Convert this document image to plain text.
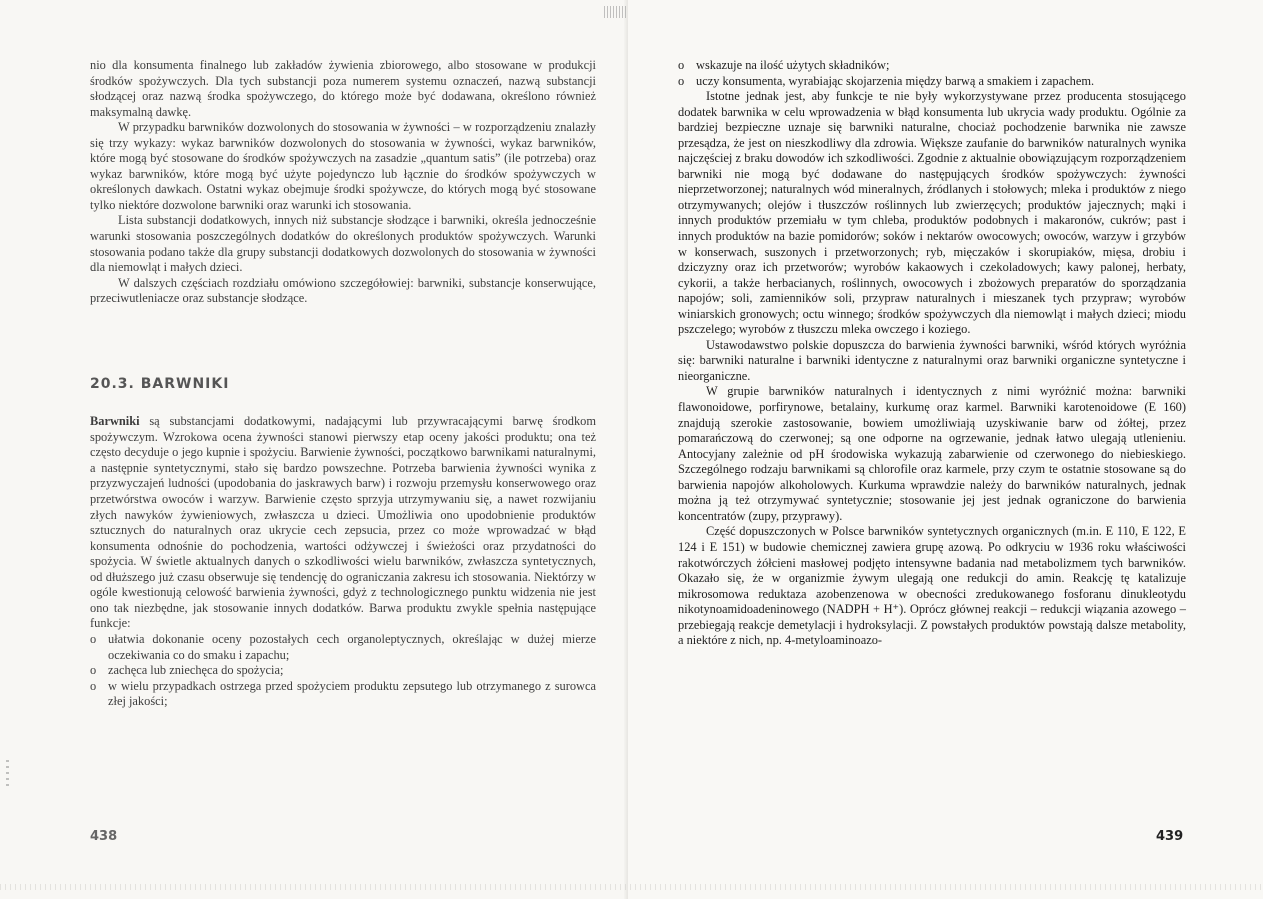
nio dla konsumenta finalnego lub zakładów żywienia zbiorowego, albo stosowane w produkcji środków spożywczych. Dla tych substancji poza numerem systemu oznaczeń, nazwą substancji słodzącej oraz nazwą środka spożywczego, do którego może być dodawana, określono również maksymalną dawkę.

W przypadku barwników dozwolonych do stosowania w żywności – w rozporządzeniu znalazły się trzy wykazy: wykaz barwników dozwolonych do stosowania w żywności, wykaz barwników, które mogą być stosowane do środków spożywczych na zasadzie „quantum satis” (ile potrzeba) oraz wykaz barwników, które mogą być użyte pojedynczo lub łącznie do środków spożywczych w określonych dawkach. Ostatni wykaz obejmuje środki spożywcze, do których mogą być stosowane tylko niektóre dozwolone barwniki oraz warunki ich stosowania.

Lista substancji dodatkowych, innych niż substancje słodzące i barwniki, określa jednocześnie warunki stosowania poszczególnych dodatków do określonych produktów spożywczych. Warunki stosowania podano także dla grupy substancji dodatkowych dozwolonych do stosowania w żywności dla niemowląt i małych dzieci.

W dalszych częściach rozdziału omówiono szczegółowiej: barwniki, substancje konserwujące, przeciwutleniacze oraz substancje słodzące.

20.3. BARWNIKI

Barwniki są substancjami dodatkowymi, nadającymi lub przywracającymi barwę środkom spożywczym. Wzrokowa ocena żywności stanowi pierwszy etap oceny jakości produktu; ona też często decyduje o jego kupnie i spożyciu. Barwienie żywności, początkowo barwnikami naturalnymi, a następnie syntetycznymi, stało się bardzo powszechne. Potrzeba barwienia żywności wynika z przyzwyczajeń ludności (upodobania do jaskrawych barw) i rozwoju przemysłu konserwowego oraz przetwórstwa owoców i warzyw. Barwienie często sprzyja utrzymywaniu się, a nawet rozwijaniu złych nawyków żywieniowych, zwłaszcza u dzieci. Umożliwia ono upodobnienie produktów sztucznych do naturalnych oraz ukrycie cech zepsucia, przez co może wprowadzać w błąd konsumenta odnośnie do pochodzenia, wartości odżywczej i świeżości oraz przydatności do spożycia. W świetle aktualnych danych o szkodliwości wielu barwników, zwłaszcza syntetycznych, od dłuższego już czasu obserwuje się tendencję do ograniczania zakresu ich stosowania. Niektórzy w ogóle kwestionują celowość barwienia żywności, gdyż z technologicznego punktu widzenia nie jest ono tak niezbędne, jak stosowanie innych dodatków. Barwa produktu zwykle spełnia następujące funkcje:

o ułatwia dokonanie oceny pozostałych cech organoleptycznych, określając w dużej mierze oczekiwania co do smaku i zapachu;
o zachęca lub zniechęca do spożycia;
o w wielu przypadkach ostrzega przed spożyciem produktu zepsutego lub otrzymanego z surowca złej jakości;
438
o wskazuje na ilość użytych składników;
o uczy konsumenta, wyrabiając skojarzenia między barwą a smakiem i zapachem.

Istotne jednak jest, aby funkcje te nie były wykorzystywane przez producenta stosującego dodatek barwnika w celu wprowadzenia w błąd konsumenta lub ukrycia wady produktu. Ogólnie za bardziej bezpieczne uznaje się barwniki naturalne, chociaż pochodzenie barwnika nie zawsze przesądza, że jest on nieszkodliwy dla zdrowia. Większe zaufanie do barwników naturalnych wynika najczęściej z braku dowodów ich szkodliwości. Zgodnie z aktualnie obowiązującym rozporządzeniem barwniki nie mogą być dodawane do następujących środków spożywczych: żywności nieprzetworzonej; naturalnych wód mineralnych, źródlanych i stołowych; mleka i produktów z niego otrzymywanych; olejów i tłuszczów roślinnych lub zwierzęcych; produktów jajecznych; mąki i innych produktów przemiału w tym chleba, produktów podobnych i makaronów, cukrów; past i innych produktów na bazie pomidorów; soków i nektarów owocowych; owoców, warzyw i grzybów w konserwach, suszonych i przetworzonych; ryb, mięczaków i skorupiaków, mięsa, drobiu i dziczyzny oraz ich przetworów; wyrobów kakaowych i czekoladowych; kawy palonej, herbaty, cykorii, a także herbacianych, roślinnych, owocowych i zbożowych preparatów do sporządzania napojów; soli, zamienników soli, przypraw naturalnych i mieszanek tych przypraw; wyrobów winiarskich gronowych; octu winnego; środków spożywczych dla niemowląt i małych dzieci; miodu pszczelego; wyrobów z tłuszczu mleka owczego i koziego.

Ustawodawstwo polskie dopuszcza do barwienia żywności barwniki, wśród których wyróżnia się: barwniki naturalne i barwniki identyczne z naturalnymi oraz barwniki organiczne syntetyczne i nieorganiczne.

W grupie barwników naturalnych i identycznych z nimi wyróżnić można: barwniki flawonoidowe, porfirynowe, betalainy, kurkumę oraz karmel. Barwniki karotenoidowe (E 160) znajdują szerokie zastosowanie, bowiem umożliwiają uzyskiwanie barw od żółtej, przez pomarańczową do czerwonej; są one odporne na ogrzewanie, jednak łatwo ulegają utlenieniu. Antocyjany zależnie od pH środowiska wykazują zabarwienie od czerwonego do niebieskiego. Szczególnego rodzaju barwnikami są chlorofile oraz karmele, przy czym te ostatnie stosowane są do barwienia napojów alkoholowych. Kurkuma wprawdzie należy do barwników naturalnych, jednak można ją też otrzymywać syntetycznie; stosowanie jej jest jednak ograniczone do barwienia koncentratów (zupy, przyprawy).

Część dopuszczonych w Polsce barwników syntetycznych organicznych (m.in. E 110, E 122, E 124 i E 151) w budowie chemicznej zawiera grupę azową. Po odkryciu w 1936 roku właściwości rakotwórczych żółcieni masłowej podjęto intensywne badania nad metabolizmem tych barwników. Okazało się, że w organizmie żywym ulegają one redukcji do amin. Reakcję tę katalizuje mikrosomowa reduktaza azobenzenowa w obecności zredukowanego fosforanu dinukleotydu nikotynoamidoadeninowego (NADPH + H⁺). Oprócz głównej reakcji – redukcji wiązania azowego – przebiegają reakcje demetylacji i hydroksylacji. Z powstałych produktów powstają dalsze metabolity, a niektóre z nich, np. 4-metyloaminoazo-

439
